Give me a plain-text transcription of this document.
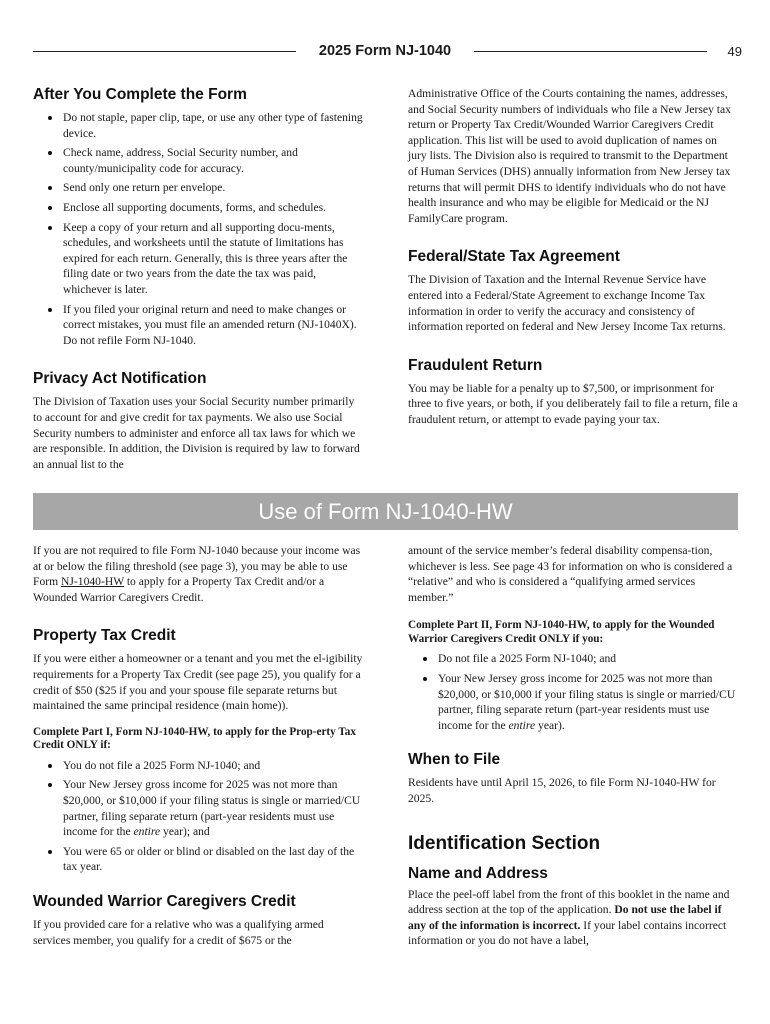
2025 Form NJ-1040	49
After You Complete the Form
Do not staple, paper clip, tape, or use any other type of fastening device.
Check name, address, Social Security number, and county/municipality code for accuracy.
Send only one return per envelope.
Enclose all supporting documents, forms, and schedules.
Keep a copy of your return and all supporting docu-ments, schedules, and worksheets until the statute of limitations has expired for each return. Generally, this is three years after the filing date or two years from the date the tax was paid, whichever is later.
If you filed your original return and need to make changes or correct mistakes, you must file an amended return (NJ-1040X). Do not refile Form NJ-1040.
Privacy Act Notification

The Division of Taxation uses your Social Security number primarily to account for and give credit for tax payments. We also use Social Security numbers to administer and enforce all tax laws for which we are responsible. In addition, the Division is required by law to forward an annual list to the

Administrative Office of the Courts containing the names, addresses, and Social Security numbers of individuals who file a New Jersey tax return or Property Tax Credit/Wounded Warrior Caregivers Credit application. This list will be used to avoid duplication of names on jury lists. The Division also is required to transmit to the Department of Human Services (DHS) annually information from New Jersey tax returns that will permit DHS to identify individuals who do not have health insurance and who may be eligible for Medicaid or the NJ FamilyCare program.

Federal/State Tax Agreement

The Division of Taxation and the Internal Revenue Service have entered into a Federal/State Agreement to exchange Income Tax information in order to verify the accuracy and consistency of information reported on federal and New Jersey Income Tax returns.

Fraudulent Return

You may be liable for a penalty up to $7,500, or imprisonment for three to five years, or both, if you deliberately fail to file a return, file a fraudulent return, or attempt to evade paying your tax.

Use of Form NJ-1040-HW

If you are not required to file Form NJ-1040 because your income was at or below the filing threshold (see page 3), you may be able to use Form NJ-1040-HW to apply for a Property Tax Credit and/or a Wounded Warrior Caregivers Credit.

Property Tax Credit

If you were either a homeowner or a tenant and you met the el-igibility requirements for a Property Tax Credit (see page 25), you qualify for a credit of $50 ($25 if you and your spouse file separate returns but maintained the same principal residence (main home)).

Complete Part I, Form NJ-1040-HW, to apply for the Prop-erty Tax Credit ONLY if:

You do not file a 2025 Form NJ-1040; and
Your New Jersey gross income for 2025 was not more than $20,000, or $10,000 if your filing status is single or married/CU partner, filing separate return (part-year residents must use income for the entire year); and
You were 65 or older or blind or disabled on the last day of the tax year.
Wounded Warrior Caregivers Credit

If you provided care for a relative who was a qualifying armed services member, you qualify for a credit of $675 or the

amount of the service member’s federal disability compensa-tion, whichever is less. See page 43 for information on who is considered a “relative” and who is considered a “qualifying armed services member.”

Complete Part II, Form NJ-1040-HW, to apply for the Wounded Warrior Caregivers Credit ONLY if you:

Do not file a 2025 Form NJ-1040; and
Your New Jersey gross income for 2025 was not more than $20,000, or $10,000 if your filing status is single or married/CU partner, filing separate return (part-year residents must use income for the entire year).
When to File

Residents have until April 15, 2026, to file Form NJ-1040-HW for 2025.

Identification Section
Name and Address

Place the peel-off label from the front of this booklet in the name and address section at the top of the application. Do not use the label if any of the information is incorrect. If your label contains incorrect information or you do not have a label,
